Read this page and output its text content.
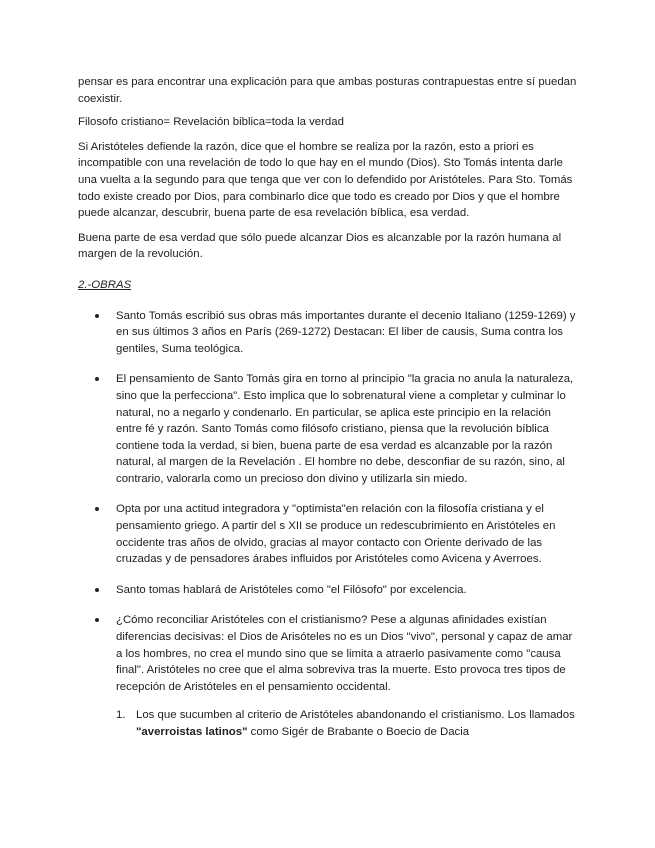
pensar es para encontrar una explicación para que ambas posturas contrapuestas entre sí puedan coexistir.

Filosofo cristiano= Revelación biblica=toda la verdad

Si Aristóteles defiende la razón, dice que el hombre se realiza por la razón, esto a priori es incompatible con una revelación de todo lo que hay en el mundo (Dios). Sto Tomás intenta darle una vuelta a la segundo para que tenga que ver con lo defendido por Aristóteles. Para Sto. Tomás todo existe creado por Dios, para combinarlo dice que todo es creado por Dios y que el hombre puede alcanzar, descubrir, buena parte de esa revelación bíblica, esa verdad.

Buena parte de esa verdad que sólo puede alcanzar Dios es alcanzable por la razón humana al margen de la revolución.

2.-OBRAS
Santo Tomás escribió sus obras más importantes durante el decenio Italiano (1259-1269) y en sus últimos 3 años en París (269-1272) Destacan: El liber de causis, Suma contra los gentiles, Suma teológica.
El pensamiento de Santo Tomás gira en torno al principio "la gracia no anula la naturaleza, sino que la perfecciona". Esto implica que lo sobrenatural viene a completar y culminar lo natural, no a negarlo y condenarlo. En particular, se aplica este principio en la relación entre fé y razón. Santo Tomás como filósofo cristiano, piensa que la revolución bíblica contiene toda la verdad, si bien, buena parte de esa verdad es alcanzable por la razón natural, al margen de la Revelación . El hombre no debe, desconfiar de su razón, sino, al contrario, valorarla como un precioso don divino y utilizarla sin miedo.
Opta por una actitud integradora y "optimista"en relación con la filosofía cristiana y el pensamiento griego. A partir del s XII se produce un redescubrimiento en Aristóteles en occidente tras años de olvido, gracias al mayor contacto con Oriente derivado de las cruzadas y de pensadores árabes influidos por Aristóteles como Avicena y Averroes.
Santo tomas hablará de Aristóteles como "el Filósofo" por excelencia.
¿Cómo reconciliar Aristóteles con el cristianismo? Pese a algunas afinidades existían diferencias decisivas: el Dios de Arisóteles no es un Dios "vivo", personal y capaz de amar a los hombres, no crea el mundo sino que se limita a atraerlo pasivamente como "causa final". Aristóteles no cree que el alma sobreviva tras la muerte. Esto provoca tres tipos de recepción de Aristóteles en el pensamiento occidental.
1. Los que sucumben al criterio de Aristóteles abandonando el cristianismo. Los llamados "averroistas latinos" como Sigér de Brabante o Boecio de Dacia
